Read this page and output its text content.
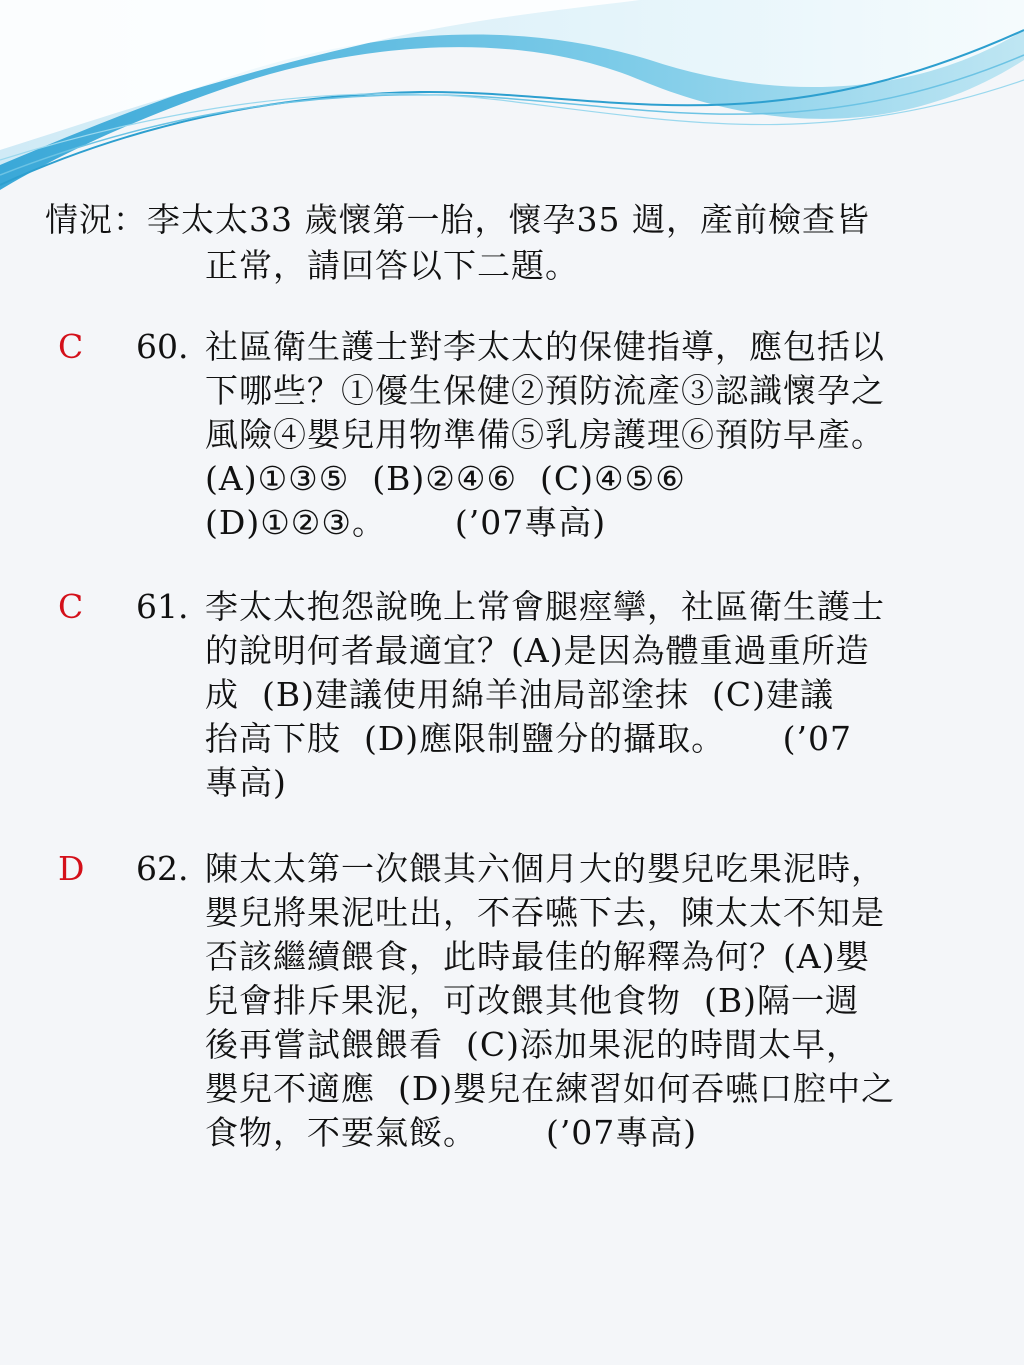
情況：李太太33 歲懷第一胎，懷孕35 週，產前檢查皆
正常，請回答以下二題。
C 60. 社區衛生護士對李太太的保健指導，應包括以
下哪些？①優生保健②預防流產③認識懷孕之
風險④嬰兒用物準備⑤乳房護理⑥預防早產。
(A)①③⑤  (B)②④⑥  (C)④⑤⑥
(D)①②③。      (’07專高)
C 61. 李太太抱怨說晚上常會腿痙攣，社區衛生護士
的說明何者最適宜？(A)是因為體重過重所造
成  (B)建議使用綿羊油局部塗抹  (C)建議
抬高下肢  (D)應限制鹽分的攝取。     (’07
專高)
D 62. 陳太太第一次餵其六個月大的嬰兒吃果泥時，
嬰兒將果泥吐出，不吞嚥下去，陳太太不知是
否該繼續餵食，此時最佳的解釋為何？(A)嬰
兒會排斥果泥，可改餵其他食物  (B)隔一週
後再嘗試餵餵看  (C)添加果泥的時間太早，
嬰兒不適應  (D)嬰兒在練習如何吞嚥口腔中之
食物，不要氣餒。      (’07專高)
